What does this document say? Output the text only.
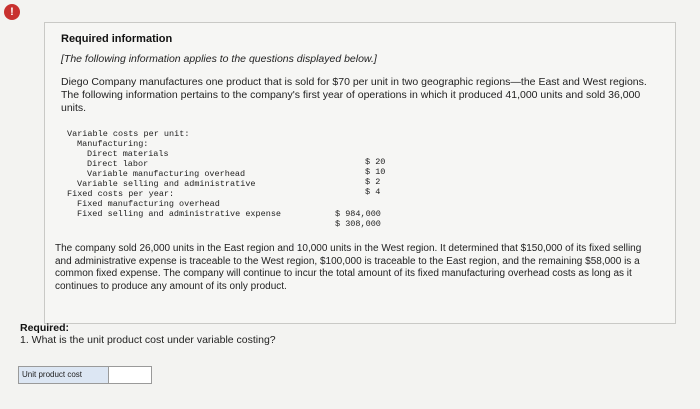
!
Required information
[The following information applies to the questions displayed below.]
Diego Company manufactures one product that is sold for $70 per unit in two geographic regions—the East and West regions. The following information pertains to the company's first year of operations in which it produced 41,000 units and sold 36,000 units.
Variable costs per unit:
Manufacturing:
Direct materials
Direct labor
Variable manufacturing overhead
Variable selling and administrative
Fixed costs per year:
Fixed manufacturing overhead
Fixed selling and administrative expense
$ 20
$ 10
$ 2
$ 4
$ 984,000
$ 308,000
The company sold 26,000 units in the East region and 10,000 units in the West region. It determined that $150,000 of its fixed selling and administrative expense is traceable to the West region, $100,000 is traceable to the East region, and the remaining $58,000 is a common fixed expense. The company will continue to incur the total amount of its fixed manufacturing overhead costs as long as it continues to produce any amount of its only product.
Required:
1. What is the unit product cost under variable costing?
Unit product cost
